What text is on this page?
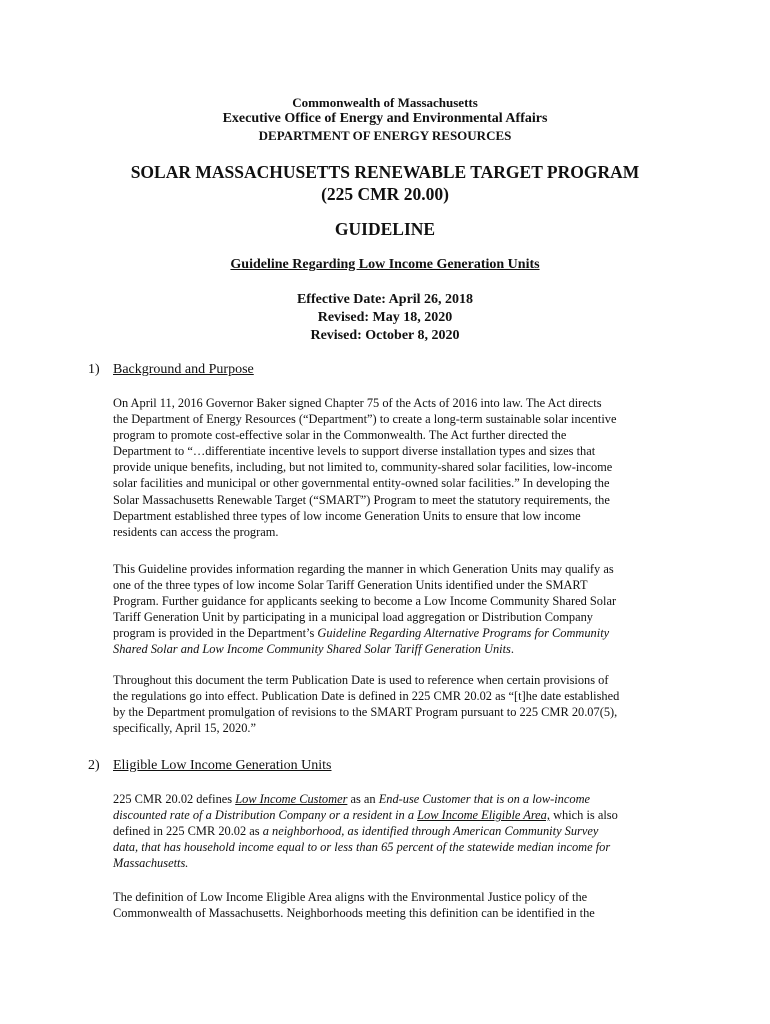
Commonwealth of Massachusetts
Executive Office of Energy and Environmental Affairs
DEPARTMENT OF ENERGY RESOURCES
SOLAR MASSACHUSETTS RENEWABLE TARGET PROGRAM
(225 CMR 20.00)
GUIDELINE
Guideline Regarding Low Income Generation Units
Effective Date: April 26, 2018
Revised: May 18, 2020
Revised: October 8, 2020
1) Background and Purpose
On April 11, 2016 Governor Baker signed Chapter 75 of the Acts of 2016 into law. The Act directs
the Department of Energy Resources (“Department”) to create a long-term sustainable solar incentive
program to promote cost-effective solar in the Commonwealth. The Act further directed the
Department to “…differentiate incentive levels to support diverse installation types and sizes that
provide unique benefits, including, but not limited to, community-shared solar facilities, low-income
solar facilities and municipal or other governmental entity-owned solar facilities.” In developing the
Solar Massachusetts Renewable Target (“SMART”) Program to meet the statutory requirements, the
Department established three types of low income Generation Units to ensure that low income
residents can access the program.
This Guideline provides information regarding the manner in which Generation Units may qualify as
one of the three types of low income Solar Tariff Generation Units identified under the SMART
Program. Further guidance for applicants seeking to become a Low Income Community Shared Solar
Tariff Generation Unit by participating in a municipal load aggregation or Distribution Company
program is provided in the Department’s Guideline Regarding Alternative Programs for Community
Shared Solar and Low Income Community Shared Solar Tariff Generation Units.
Throughout this document the term Publication Date is used to reference when certain provisions of
the regulations go into effect. Publication Date is defined in 225 CMR 20.02 as “[t]he date established
by the Department promulgation of revisions to the SMART Program pursuant to 225 CMR 20.07(5),
specifically, April 15, 2020.”
2) Eligible Low Income Generation Units
225 CMR 20.02 defines Low Income Customer as an End-use Customer that is on a low-income
discounted rate of a Distribution Company or a resident in a Low Income Eligible Area, which is also
defined in 225 CMR 20.02 as a neighborhood, as identified through American Community Survey
data, that has household income equal to or less than 65 percent of the statewide median income for
Massachusetts.
The definition of Low Income Eligible Area aligns with the Environmental Justice policy of the
Commonwealth of Massachusetts. Neighborhoods meeting this definition can be identified in the
